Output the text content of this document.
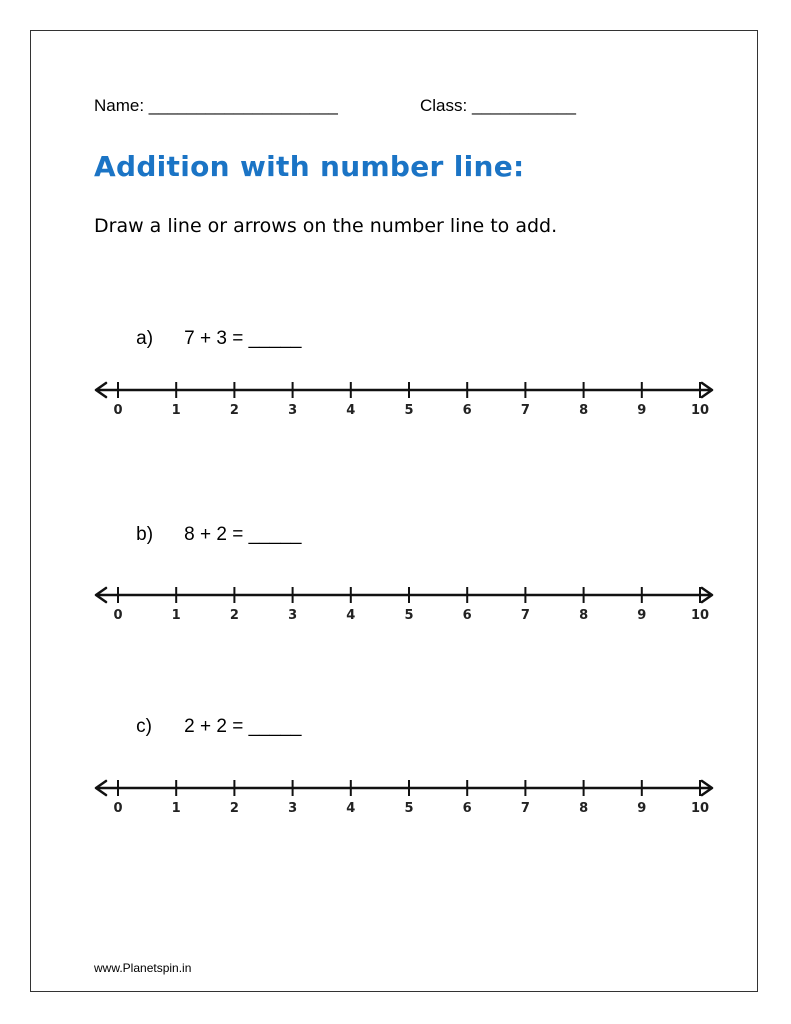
Name: ____________________	Class: ___________
Addition with number line:
Draw a line or arrows on the number line to add.

a) 7 + 3 = _____

0	1	2	3	4	5	6	7	8	9	10

b) 8 + 2 = _____

0	1	2	3	4	5	6	7	8	9	10

c) 2 + 2 = _____

0	1	2	3	4	5	6	7	8	9	10
www.Planetspin.in
